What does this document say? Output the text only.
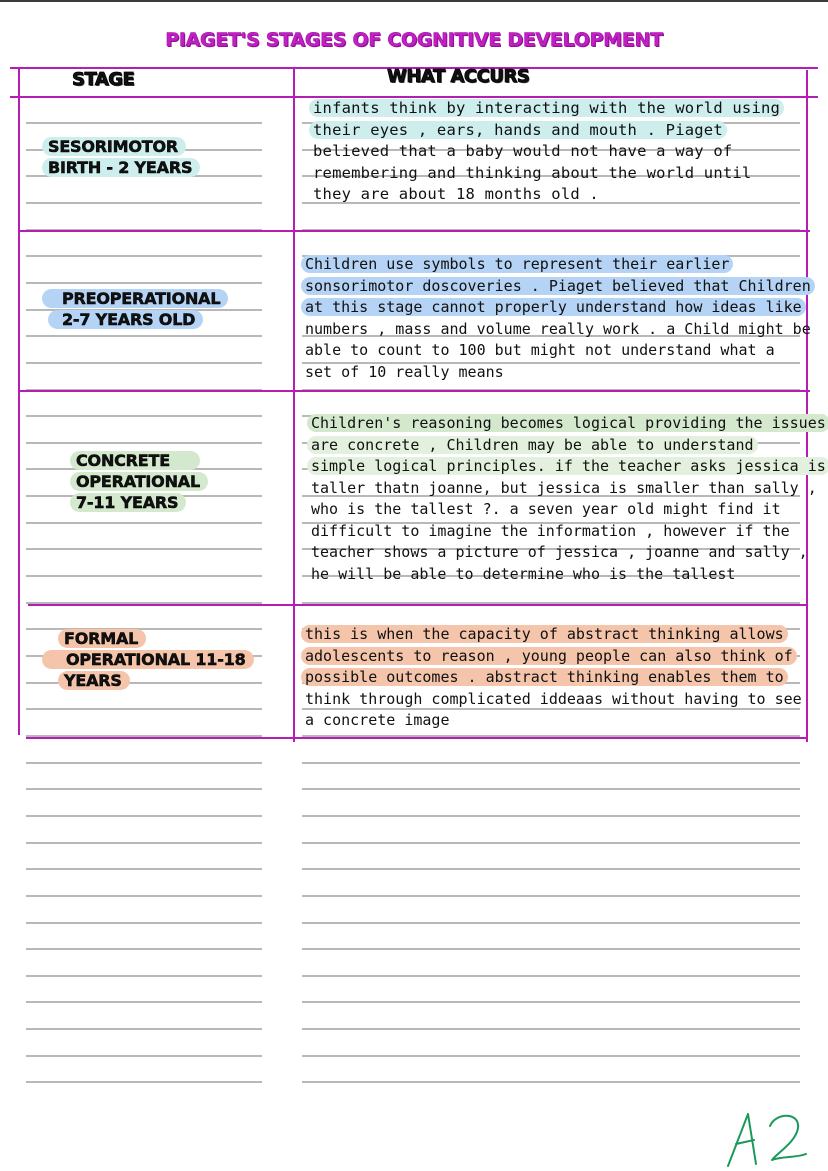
PIAGET'S STAGES OF COGNITIVE DEVELOPMENT
STAGE	WHAT ACCURS
SESORIMOTOR
BIRTH - 2 YEARS
infants think by interacting with the world using
their eyes , ears, hands and mouth . Piaget
believed that a baby would not have a way of
remembering and thinking about the world until
they are about 18 months old .
PREOPERATIONAL
2-7 YEARS OLD
Children use symbols to represent their earlier
sonsorimotor doscoveries . Piaget believed that Children
at this stage cannot properly understand how ideas like
numbers , mass and volume really work . a Child might be
able to count to 100 but might not understand what a
set of 10 really means
CONCRETE
OPERATIONAL
7-11 YEARS
Children's reasoning becomes logical providing the issues
are concrete , Children may be able to understand
simple logical principles. if the teacher asks jessica is
taller thatn joanne, but jessica is smaller than sally ,
who is the tallest ?. a seven year old might find it
difficult to imagine the information , however if the
teacher shows a picture of jessica , joanne and sally ,
he will be able to determine who is the tallest
FORMAL
OPERATIONAL 11-18
YEARS
this is when the capacity of abstract thinking allows
adolescents to reason , young people can also think of
possible outcomes . abstract thinking enables them to
think through complicated iddeaas without having to see
a concrete image
